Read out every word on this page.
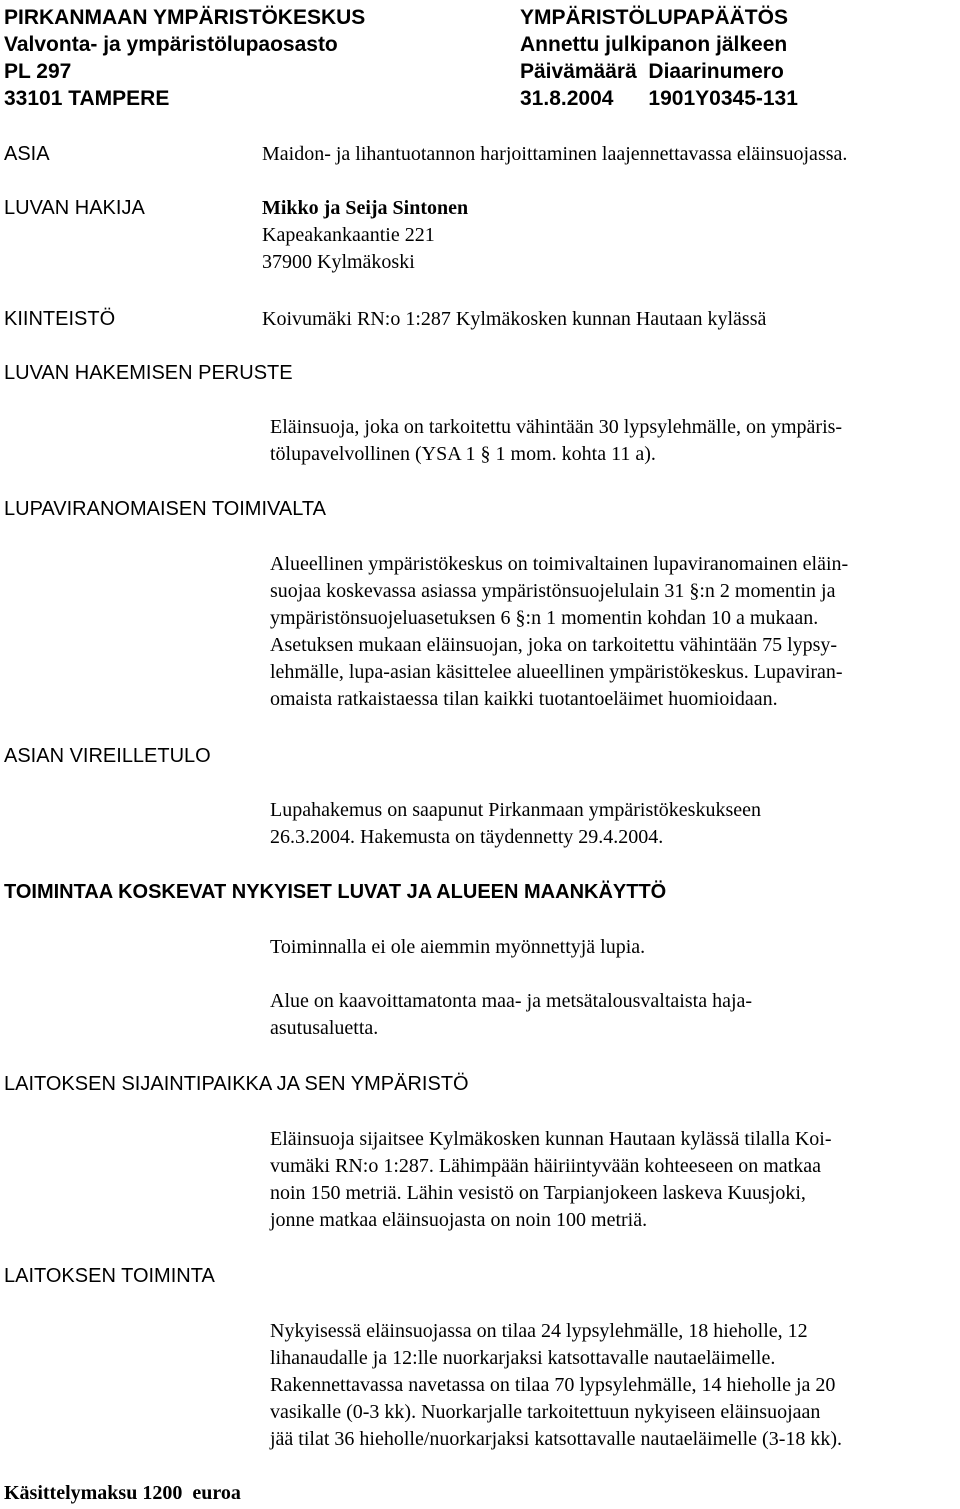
PIRKANMAAN YMPÄRISTÖKESKUS
Valvonta- ja ympäristölupaosasto
PL 297
33101 TAMPERE
YMPÄRISTÖLUPAPÄÄTÖS
Annettu julkipanon jälkeen
Päivämäärä  Diaarinumero
31.8.2004      1901Y0345-131
ASIA	Maidon- ja lihantuotannon harjoittaminen laajennettavassa eläinsuojassa.
LUVAN HAKIJA	Mikko ja Seija Sintonen
Kapeakankaantie 221
37900 Kylmäkoski
KIINTEISTÖ	Koivumäki RN:o 1:287 Kylmäkosken kunnan Hautaan kylässä
LUVAN HAKEMISEN PERUSTE
Eläinsuoja, joka on tarkoitettu vähintään 30 lypsylehmälle, on ympäris-
tölupavelvollinen (YSA 1 § 1 mom. kohta 11 a).
LUPAVIRANOMAISEN TOIMIVALTA
Alueellinen ympäristökeskus on toimivaltainen lupaviranomainen eläin-
suojaa koskevassa asiassa ympäristönsuojelulain 31 §:n 2 momentin ja
ympäristönsuojeluasetuksen 6 §:n 1 momentin kohdan 10 a mukaan.
Asetuksen mukaan eläinsuojan, joka on tarkoitettu vähintään 75 lypsy-
lehmälle, lupa-asian käsittelee alueellinen ympäristökeskus. Lupaviran-
omaista ratkaistaessa tilan kaikki tuotantoeläimet huomioidaan.
ASIAN VIREILLETULO
Lupahakemus on saapunut Pirkanmaan ympäristökeskukseen
26.3.2004. Hakemusta on täydennetty 29.4.2004.
TOIMINTAA KOSKEVAT NYKYISET LUVAT JA ALUEEN MAANKÄYTTÖ
Toiminnalla ei ole aiemmin myönnettyjä lupia.
Alue on kaavoittamatonta maa- ja metsätalousvaltaista haja-
asutusaluetta.
LAITOKSEN SIJAINTIPAIKKA JA SEN YMPÄRISTÖ
Eläinsuoja sijaitsee Kylmäkosken kunnan Hautaan kylässä tilalla Koi-
vumäki RN:o 1:287. Lähimpään häiriintyvään kohteeseen on matkaa
noin 150 metriä. Lähin vesistö on Tarpianjokeen laskeva Kuusjoki,
jonne matkaa eläinsuojasta on noin 100 metriä.
LAITOKSEN TOIMINTA
Nykyisessä eläinsuojassa on tilaa 24 lypsylehmälle, 18 hieholle, 12
lihanaudalle ja 12:lle nuorkarjaksi katsottavalle nautaeläimelle.
Rakennettavassa navetassa on tilaa 70 lypsylehmälle, 14 hieholle ja 20
vasikalle (0-3 kk). Nuorkarjalle tarkoitettuun nykyiseen eläinsuojaan
jää tilat 36 hieholle/nuorkarjaksi katsottavalle nautaeläimelle (3-18 kk).
Käsittelymaksu 1200  euroa
